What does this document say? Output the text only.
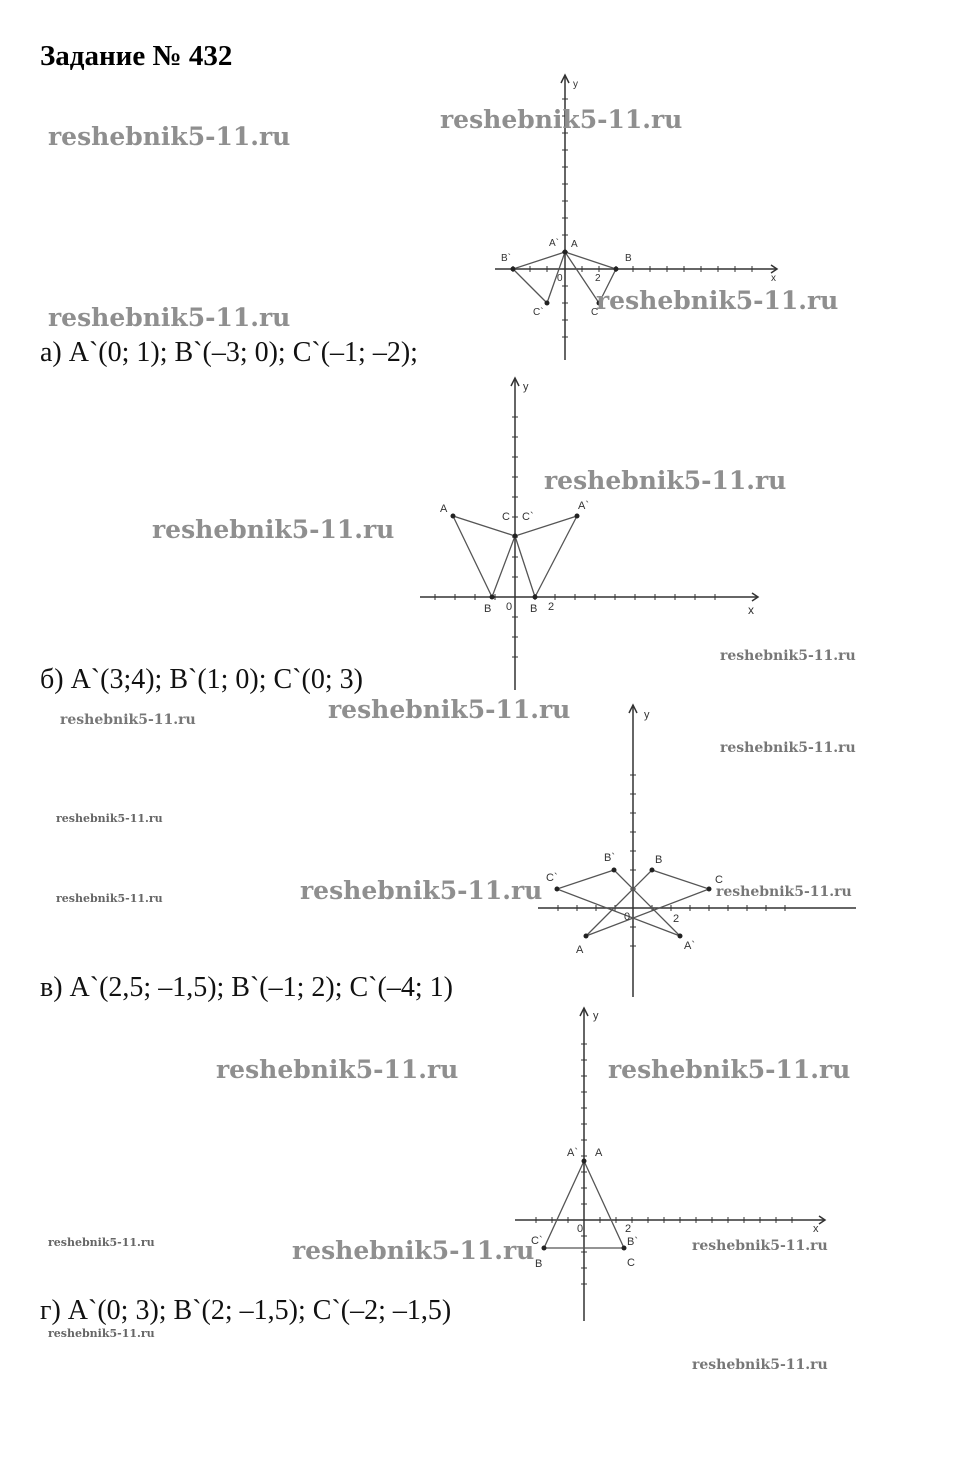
Задание № 432
y
x
0	2
A
A`
B
B`
C
C`
y
x
0	2
A	A`
B	B
C C`
y
0	2
A	A`
B
B`
C
C`
y
x
0	2
A
A`
B
B`
C
C`
а) A`(0; 1); B`(–3; 0); C`(–1; –2);
б) A`(3;4); B`(1; 0); C`(0; 3)
в) A`(2,5; –1,5); B`(–1; 2); C`(–4; 1)
г) A`(0; 3); B`(2; –1,5); C`(–2; –1,5)
reshebnik5-11.ru
reshebnik5-11.ru
reshebnik5-11.ru
reshebnik5-11.ru
reshebnik5-11.ru
reshebnik5-11.ru
reshebnik5-11.ru
reshebnik5-11.ru
reshebnik5-11.ru
reshebnik5-11.ru
reshebnik5-11.ru
reshebnik5-11.ru	reshebnik5-11.ru
reshebnik5-11.ru
reshebnik5-11.ru	reshebnik5-11.ru
reshebnik5-11.ru	reshebnik5-11.ru	reshebnik5-11.ru
reshebnik5-11.ru
reshebnik5-11.ru
